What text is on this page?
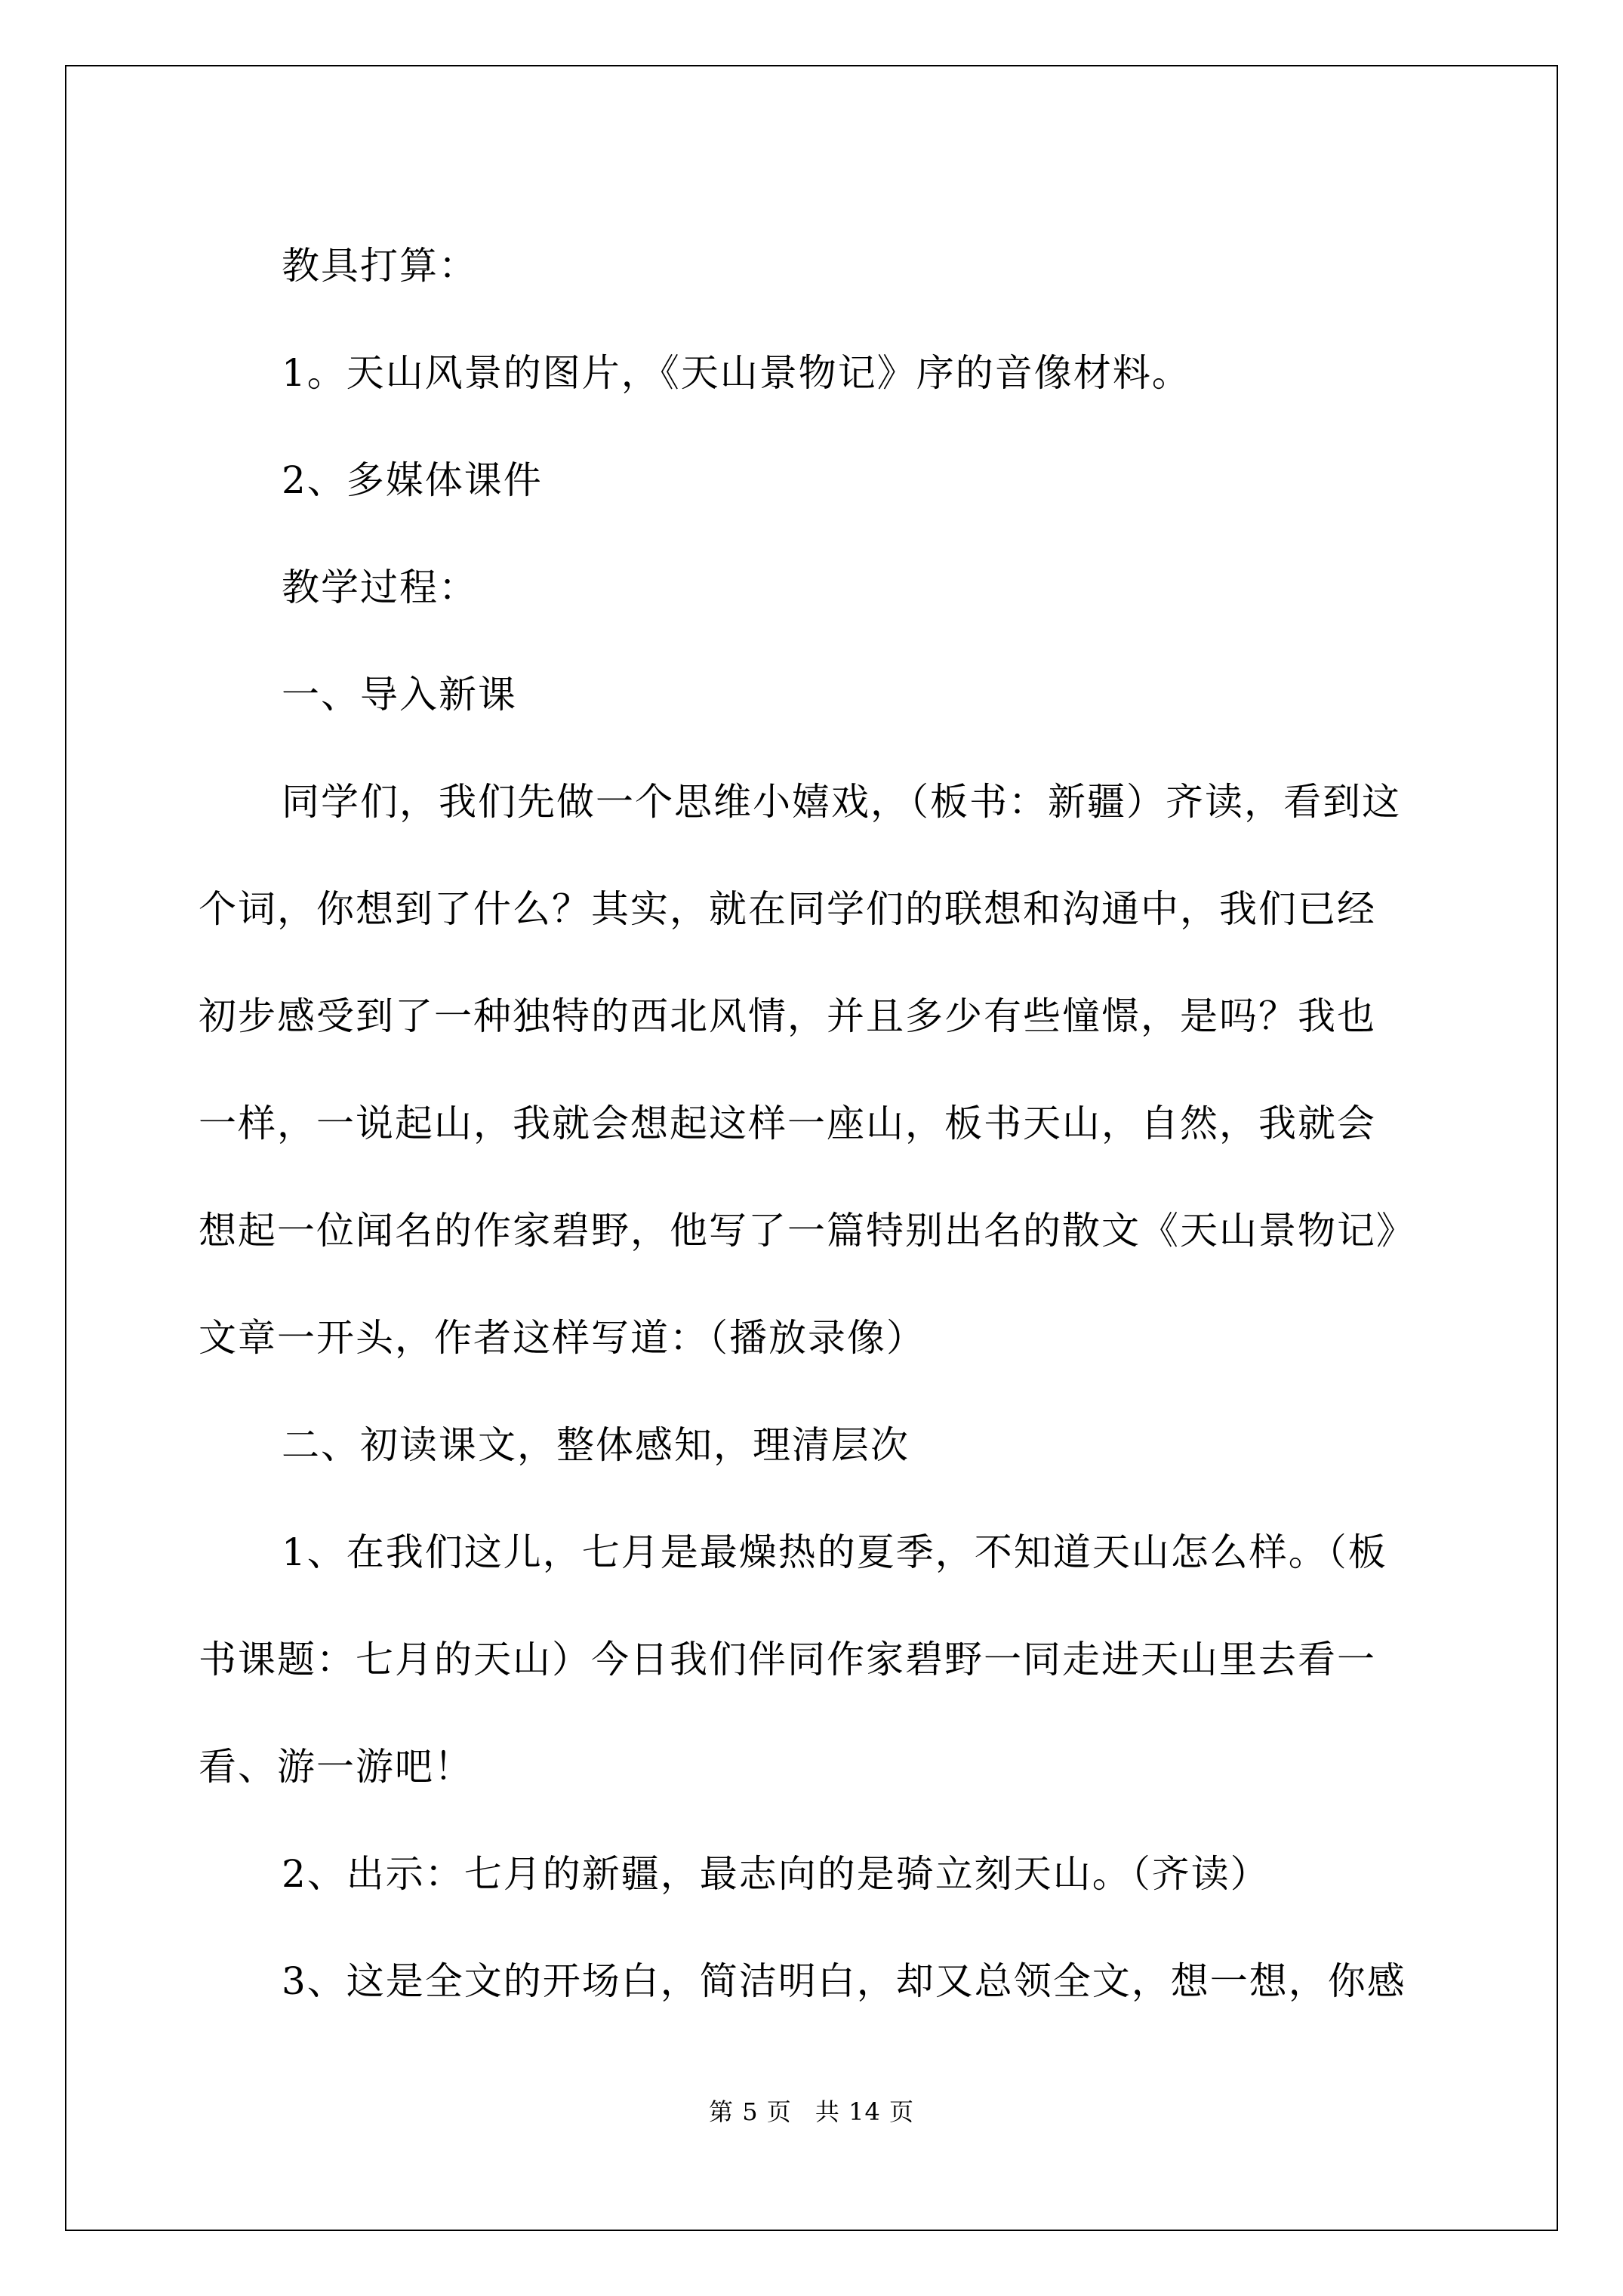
教具打算：
1。天山风景的图片，《天山景物记》序的音像材料。
2、多媒体课件
教学过程：
一、导入新课
同学们，我们先做一个思维小嬉戏，（板书：新疆）齐读，看到这
个词，你想到了什么？其实，就在同学们的联想和沟通中，我们已经
初步感受到了一种独特的西北风情，并且多少有些憧憬，是吗？我也
一样，一说起山，我就会想起这样一座山，板书天山，自然，我就会
想起一位闻名的作家碧野，他写了一篇特别出名的散文《天山景物记》
文章一开头，作者这样写道：（播放录像）
二、初读课文，整体感知，理清层次
1、在我们这儿，七月是最燥热的夏季，不知道天山怎么样。（板
书课题：七月的天山）今日我们伴同作家碧野一同走进天山里去看一
看、游一游吧！
2、出示：七月的新疆，最志向的是骑立刻天山。（齐读）
3、这是全文的开场白，简洁明白，却又总领全文，想一想，你感
第 5 页 共 14 页
